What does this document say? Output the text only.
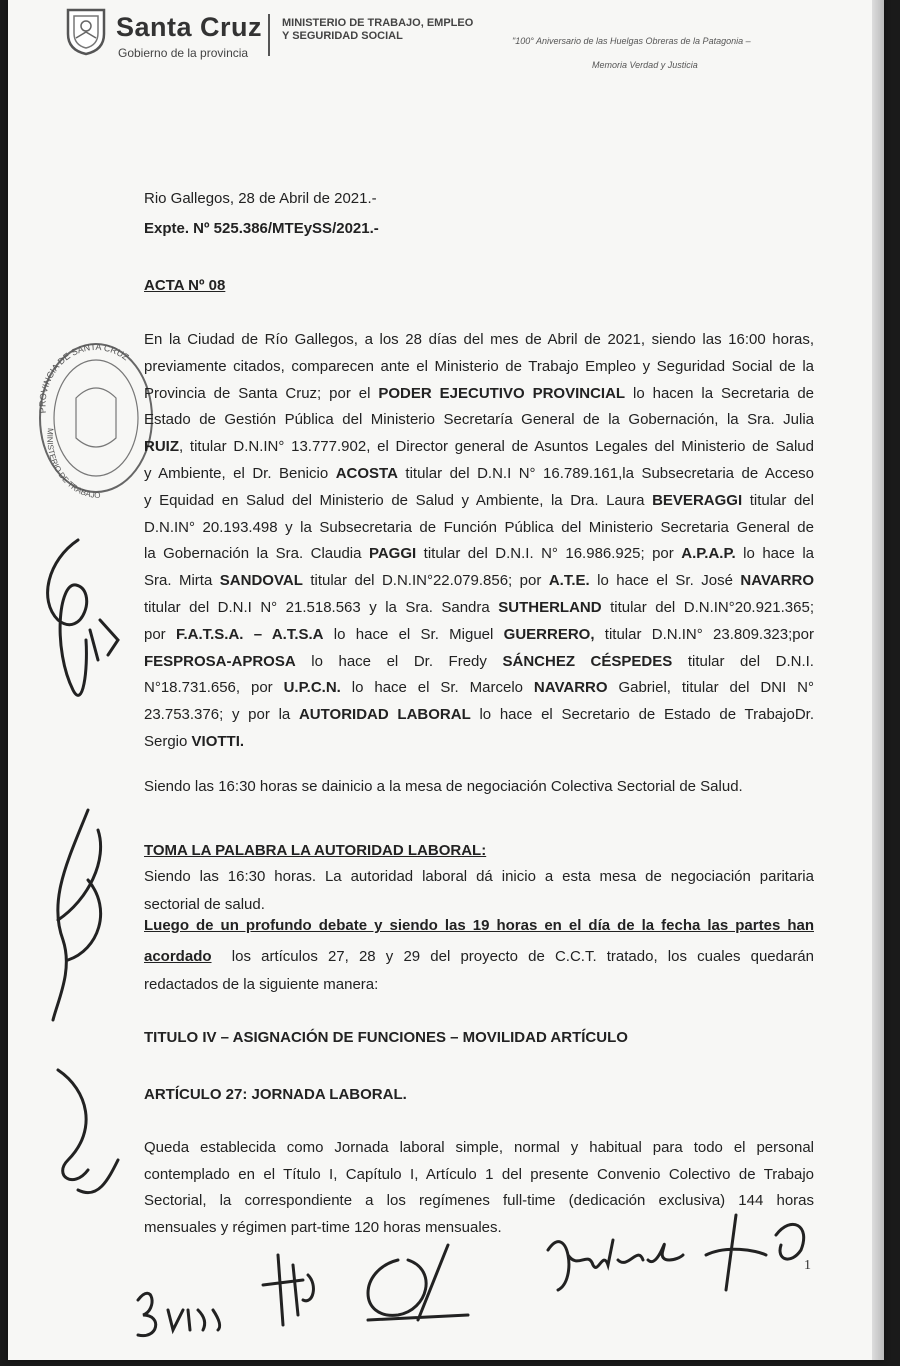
Santa Cruz
Gobierno de la provincia
MINISTERIO DE TRABAJO, EMPLEO
Y SEGURIDAD SOCIAL	"100° Aniversario de las Huelgas Obreras de la Patagonia –
Memoria Verdad y Justicia
PROVINCIA DE SANTA CRUZ
MINISTERIO DE TRABAJO
Rio Gallegos, 28 de Abril de 2021.-
Expte. Nº 525.386/MTEySS/2021.-
ACTA Nº 08
En la Ciudad de Río Gallegos, a los 28 días del mes de Abril de 2021, siendo las 16:00 horas,
previamente citados, comparecen ante el Ministerio de Trabajo Empleo y Seguridad Social de la
Provincia de Santa Cruz; por el PODER EJECUTIVO PROVINCIAL lo hacen la Secretaria de
Estado de Gestión Pública del Ministerio Secretaría General de la Gobernación, la Sra. Julia
RUIZ, titular D.N.IN° 13.777.902, el Director general de Asuntos Legales del Ministerio de Salud
y Ambiente, el Dr. Benicio ACOSTA titular del D.N.I N° 16.789.161,la Subsecretaria de Acceso
y Equidad en Salud del Ministerio de Salud y Ambiente, la Dra. Laura BEVERAGGI titular del
D.N.IN° 20.193.498 y la Subsecretaria de Función Pública del Ministerio Secretaria General de
la Gobernación la Sra. Claudia PAGGI titular del D.N.I. N° 16.986.925; por A.P.A.P. lo hace la
Sra. Mirta SANDOVAL titular del D.N.IN°22.079.856; por A.T.E. lo hace el Sr. José NAVARRO
titular del D.N.I N° 21.518.563 y la Sra. Sandra SUTHERLAND titular del D.N.IN°20.921.365;
por F.A.T.S.A. – A.T.S.A lo hace el Sr. Miguel GUERRERO, titular D.N.IN° 23.809.323;por
FESPROSA-APROSA lo hace el Dr. Fredy SÁNCHEZ CÉSPEDES titular del D.N.I.
N°18.731.656, por U.P.C.N. lo hace el Sr. Marcelo NAVARRO Gabriel, titular del DNI N°
23.753.376; y por la AUTORIDAD LABORAL lo hace el Secretario de Estado de TrabajoDr.
Sergio VIOTTI.
Siendo las 16:30 horas se dainicio a la mesa de negociación Colectiva Sectorial de Salud.
TOMA LA PALABRA LA AUTORIDAD LABORAL:
Siendo las 16:30 horas. La autoridad laboral dá inicio a esta mesa de negociación paritaria
sectorial de salud.
Luego de un profundo debate y siendo las 19 horas en el día de la fecha las partes han
acordado  los artículos 27, 28 y 29 del proyecto de C.C.T. tratado, los cuales quedarán
redactados de la siguiente manera:
TITULO IV – ASIGNACIÓN DE FUNCIONES – MOVILIDAD ARTÍCULO
ARTÍCULO 27: JORNADA LABORAL.
Queda establecida como Jornada laboral simple, normal y habitual para todo el personal
contemplado en el Título I, Capítulo I, Artículo 1 del presente Convenio Colectivo de Trabajo
Sectorial, la correspondiente a los regímenes full-time (dedicación exclusiva) 144 horas
mensuales y régimen part-time 120 horas mensuales.
1
